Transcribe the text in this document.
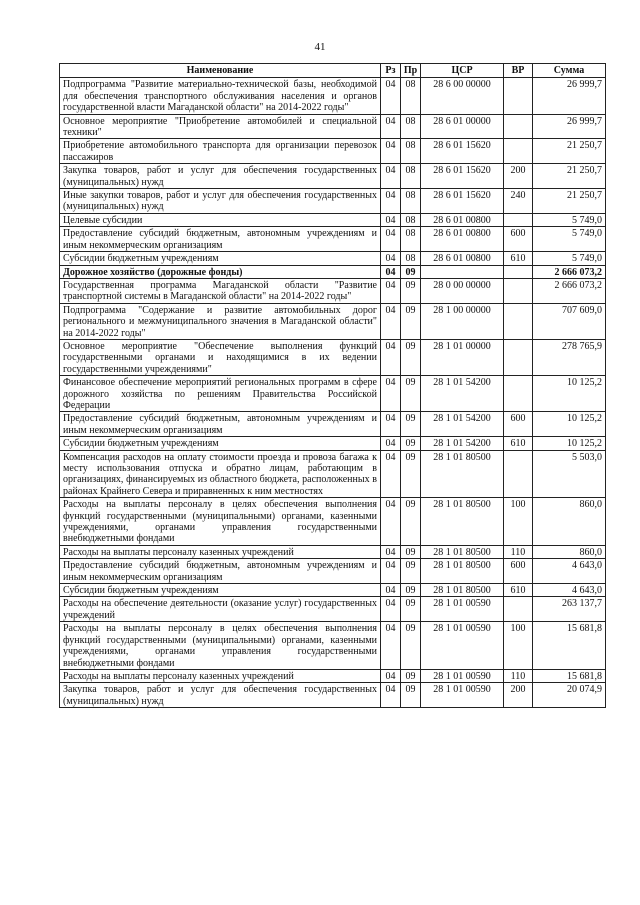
41
Наименование	Рз	Пр	ЦСР	ВР	Сумма
Подпрограмма "Развитие материально-технической базы, необходимой для обеспечения транспортного обслуживания населения и органов государственной власти Магаданской области" на 2014-2022 годы"	04	08	28 6 00 00000		26 999,7
Основное мероприятие "Приобретение автомобилей и специальной техники"	04	08	28 6 01 00000		26 999,7
Приобретение автомобильного транспорта для организации перевозок пассажиров	04	08	28 6 01 15620		21 250,7
Закупка товаров, работ и услуг для обеспечения государственных (муниципальных) нужд	04	08	28 6 01 15620	200	21 250,7
Иные закупки товаров, работ и услуг для обеспечения государственных (муниципальных) нужд	04	08	28 6 01 15620	240	21 250,7
Целевые субсидии	04	08	28 6 01 00800		5 749,0
Предоставление субсидий бюджетным, автономным учреждениям и иным некоммерческим организациям	04	08	28 6 01 00800	600	5 749,0
Субсидии бюджетным учреждениям	04	08	28 6 01 00800	610	5 749,0
Дорожное хозяйство (дорожные фонды)	04	09			2 666 073,2
Государственная программа Магаданской области "Развитие транспортной системы в Магаданской области" на 2014-2022 годы"	04	09	28 0 00 00000		2 666 073,2
Подпрограмма "Содержание и развитие автомобильных дорог регионального и межмуниципального значения в Магаданской области" на 2014-2022 годы"	04	09	28 1 00 00000		707 609,0
Основное мероприятие "Обеспечение выполнения функций государственными органами и находящимися в их ведении государственными учреждениями"	04	09	28 1 01 00000		278 765,9
Финансовое обеспечение мероприятий региональных программ в сфере дорожного хозяйства по решениям Правительства Российской Федерации	04	09	28 1 01 54200		10 125,2
Предоставление субсидий бюджетным, автономным учреждениям и иным некоммерческим организациям	04	09	28 1 01 54200	600	10 125,2
Субсидии бюджетным учреждениям	04	09	28 1 01 54200	610	10 125,2
Компенсация расходов на оплату стоимости проезда и провоза багажа к месту использования отпуска и обратно лицам, работающим в организациях, финансируемых из областного бюджета, расположенных в районах Крайнего Севера и приравненных к ним местностях	04	09	28 1 01 80500		5 503,0
Расходы на выплаты персоналу в целях обеспечения выполнения функций государственными (муниципальными) органами, казенными учреждениями, органами управления государственными внебюджетными фондами	04	09	28 1 01 80500	100	860,0
Расходы на выплаты персоналу казенных учреждений	04	09	28 1 01 80500	110	860,0
Предоставление субсидий бюджетным, автономным учреждениям и иным некоммерческим организациям	04	09	28 1 01 80500	600	4 643,0
Субсидии бюджетным учреждениям	04	09	28 1 01 80500	610	4 643,0
Расходы на обеспечение деятельности (оказание услуг) государственных учреждений	04	09	28 1 01 00590		263 137,7
Расходы на выплаты персоналу в целях обеспечения выполнения функций государственными (муниципальными) органами, казенными учреждениями, органами управления государственными внебюджетными фондами	04	09	28 1 01 00590	100	15 681,8
Расходы на выплаты персоналу казенных учреждений	04	09	28 1 01 00590	110	15 681,8
Закупка товаров, работ и услуг для обеспечения государственных (муниципальных) нужд	04	09	28 1 01 00590	200	20 074,9
